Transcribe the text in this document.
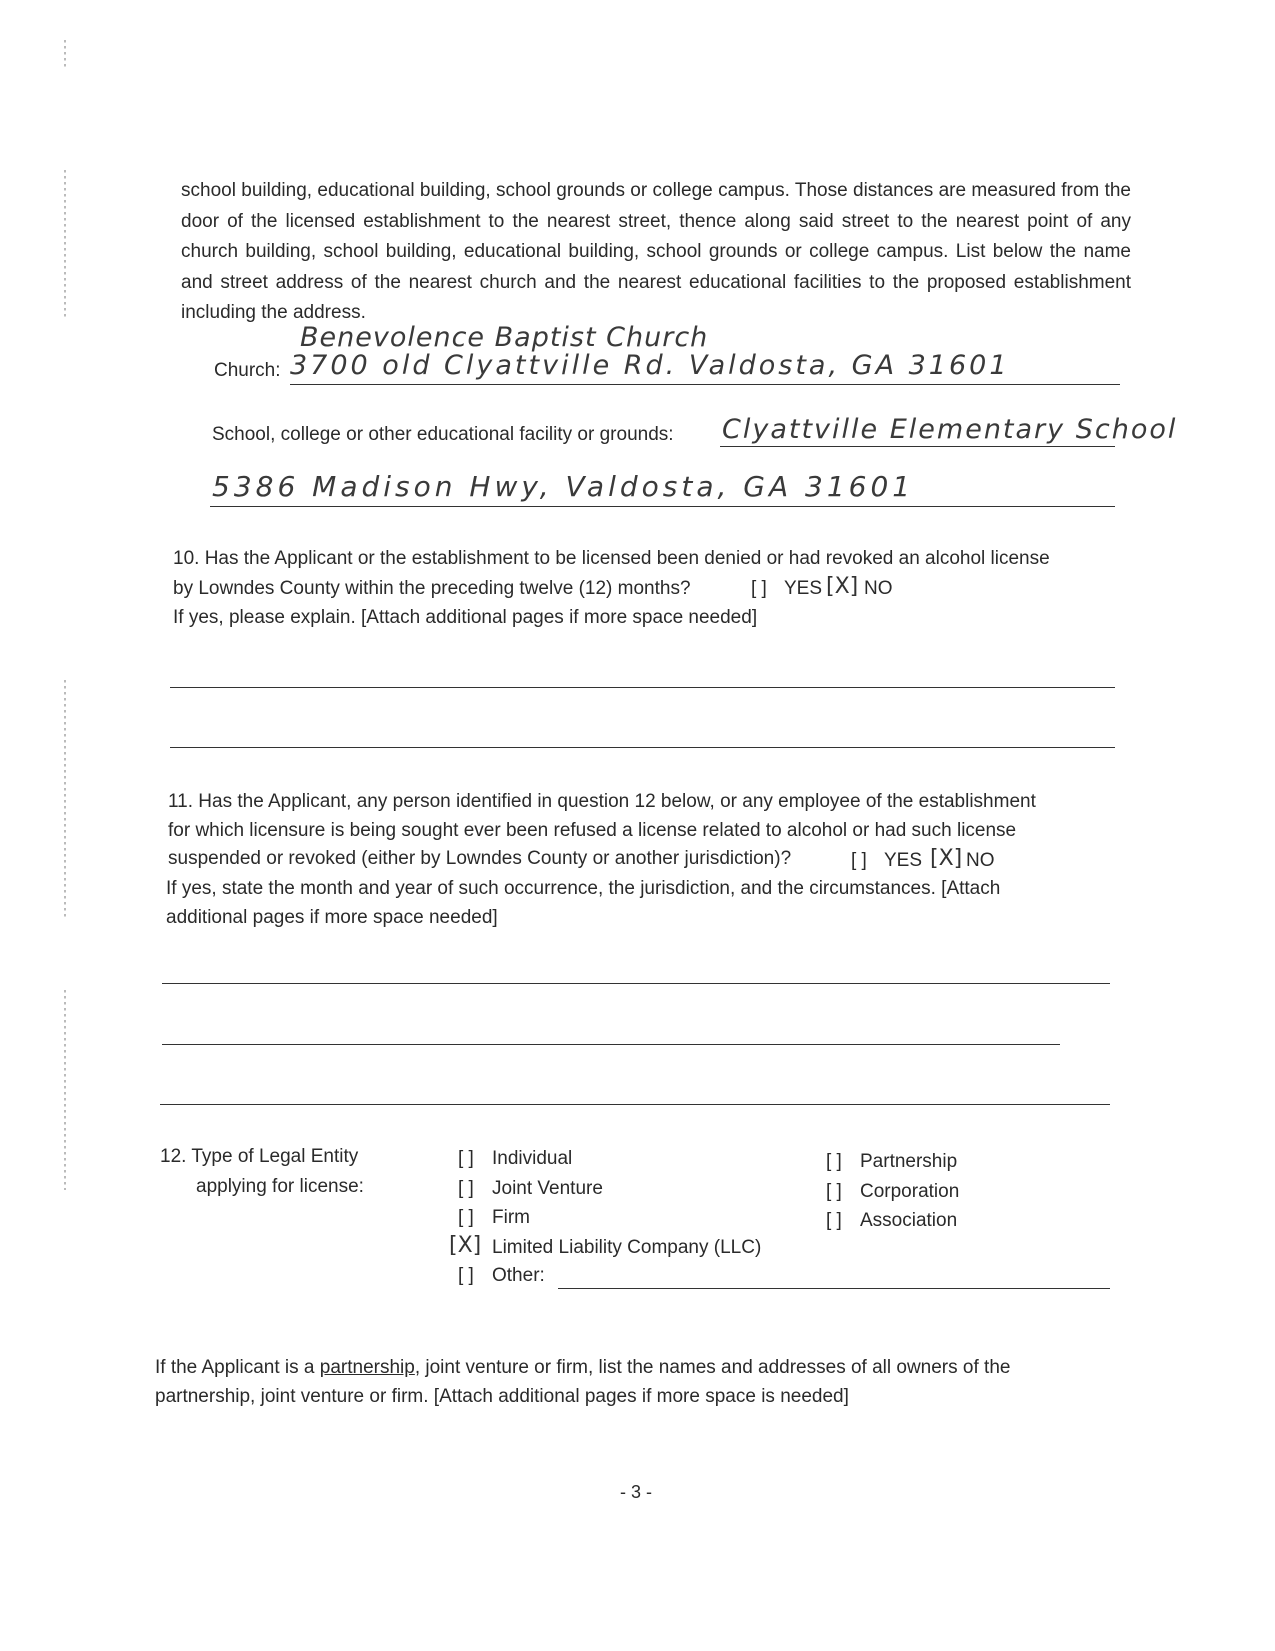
school building, educational building, school grounds or college campus. Those distances are measured from the door of the licensed establishment to the nearest street, thence along said street to the nearest point of any church building, school building, educational building, school grounds or college campus. List below the name and street address of the nearest church and the nearest educational facilities to the proposed establishment including the address.
Benevolence Baptist Church
Church: 3700 old Clyattville Rd. Valdosta, GA 31601
School, college or other educational facility or grounds: Clyattville Elementary School
5386 Madison Hwy, Valdosta, GA 31601
10. Has the Applicant or the establishment to be licensed been denied or had revoked an alcohol license
by Lowndes County within the preceding twelve (12) months?	[ ] YES [X] NO
If yes, please explain. [Attach additional pages if more space needed]
11. Has the Applicant, any person identified in question 12 below, or any employee of the establishment
for which licensure is being sought ever been refused a license related to alcohol or had such license
suspended or revoked (either by Lowndes County or another jurisdiction)?	[ ] YES [X] NO
If yes, state the month and year of such occurrence, the jurisdiction, and the circumstances. [Attach
additional pages if more space needed]
12. Type of Legal Entity
applying for license:
[ ] Individual
[ ] Joint Venture
[ ] Firm
[X] Limited Liability Company (LLC)
[ ] Other:
[ ] Partnership
[ ] Corporation
[ ] Association
If the Applicant is a partnership, joint venture or firm, list the names and addresses of all owners of the
partnership, joint venture or firm. [Attach additional pages if more space is needed]
- 3 -
